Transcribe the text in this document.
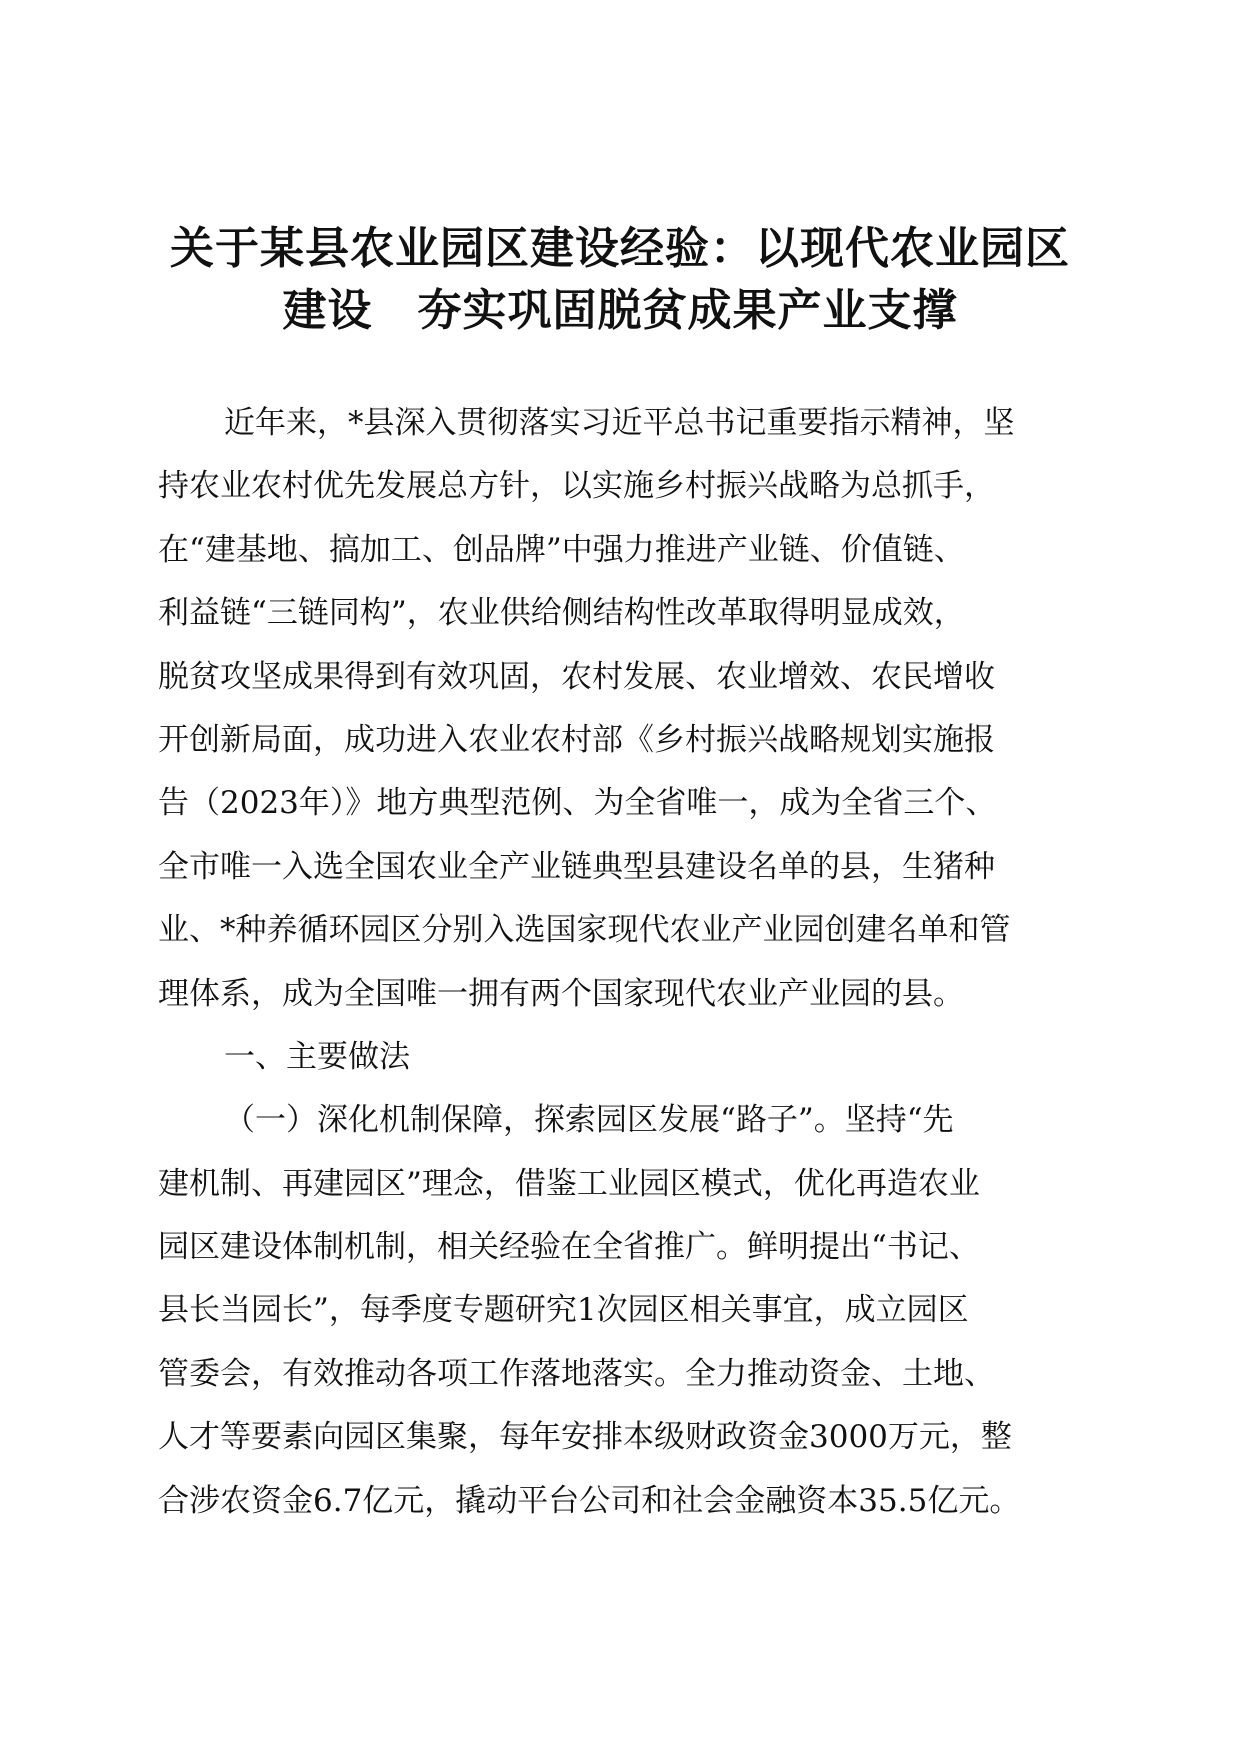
关于某县农业园区建设经验：以现代农业园区
建设　夯实巩固脱贫成果产业支撑
近年来，*县深入贯彻落实习近平总书记重要指示精神，坚
持农业农村优先发展总方针，以实施乡村振兴战略为总抓手，
在“建基地、搞加工、创品牌”中强力推进产业链、价值链、
利益链“三链同构”，农业供给侧结构性改革取得明显成效，
脱贫攻坚成果得到有效巩固，农村发展、农业增效、农民增收
开创新局面，成功进入农业农村部《乡村振兴战略规划实施报
告（2023年）》地方典型范例、为全省唯一，成为全省三个、
全市唯一入选全国农业全产业链典型县建设名单的县，生猪种
业、*种养循环园区分别入选国家现代农业产业园创建名单和管
理体系，成为全国唯一拥有两个国家现代农业产业园的县。
一、主要做法
（一）深化机制保障，探索园区发展“路子”。坚持“先
建机制、再建园区”理念，借鉴工业园区模式，优化再造农业
园区建设体制机制，相关经验在全省推广。鲜明提出“书记、
县长当园长”，每季度专题研究1次园区相关事宜，成立园区
管委会，有效推动各项工作落地落实。全力推动资金、土地、
人才等要素向园区集聚，每年安排本级财政资金3000万元，整
合涉农资金6.7亿元，撬动平台公司和社会金融资本35.5亿元。
